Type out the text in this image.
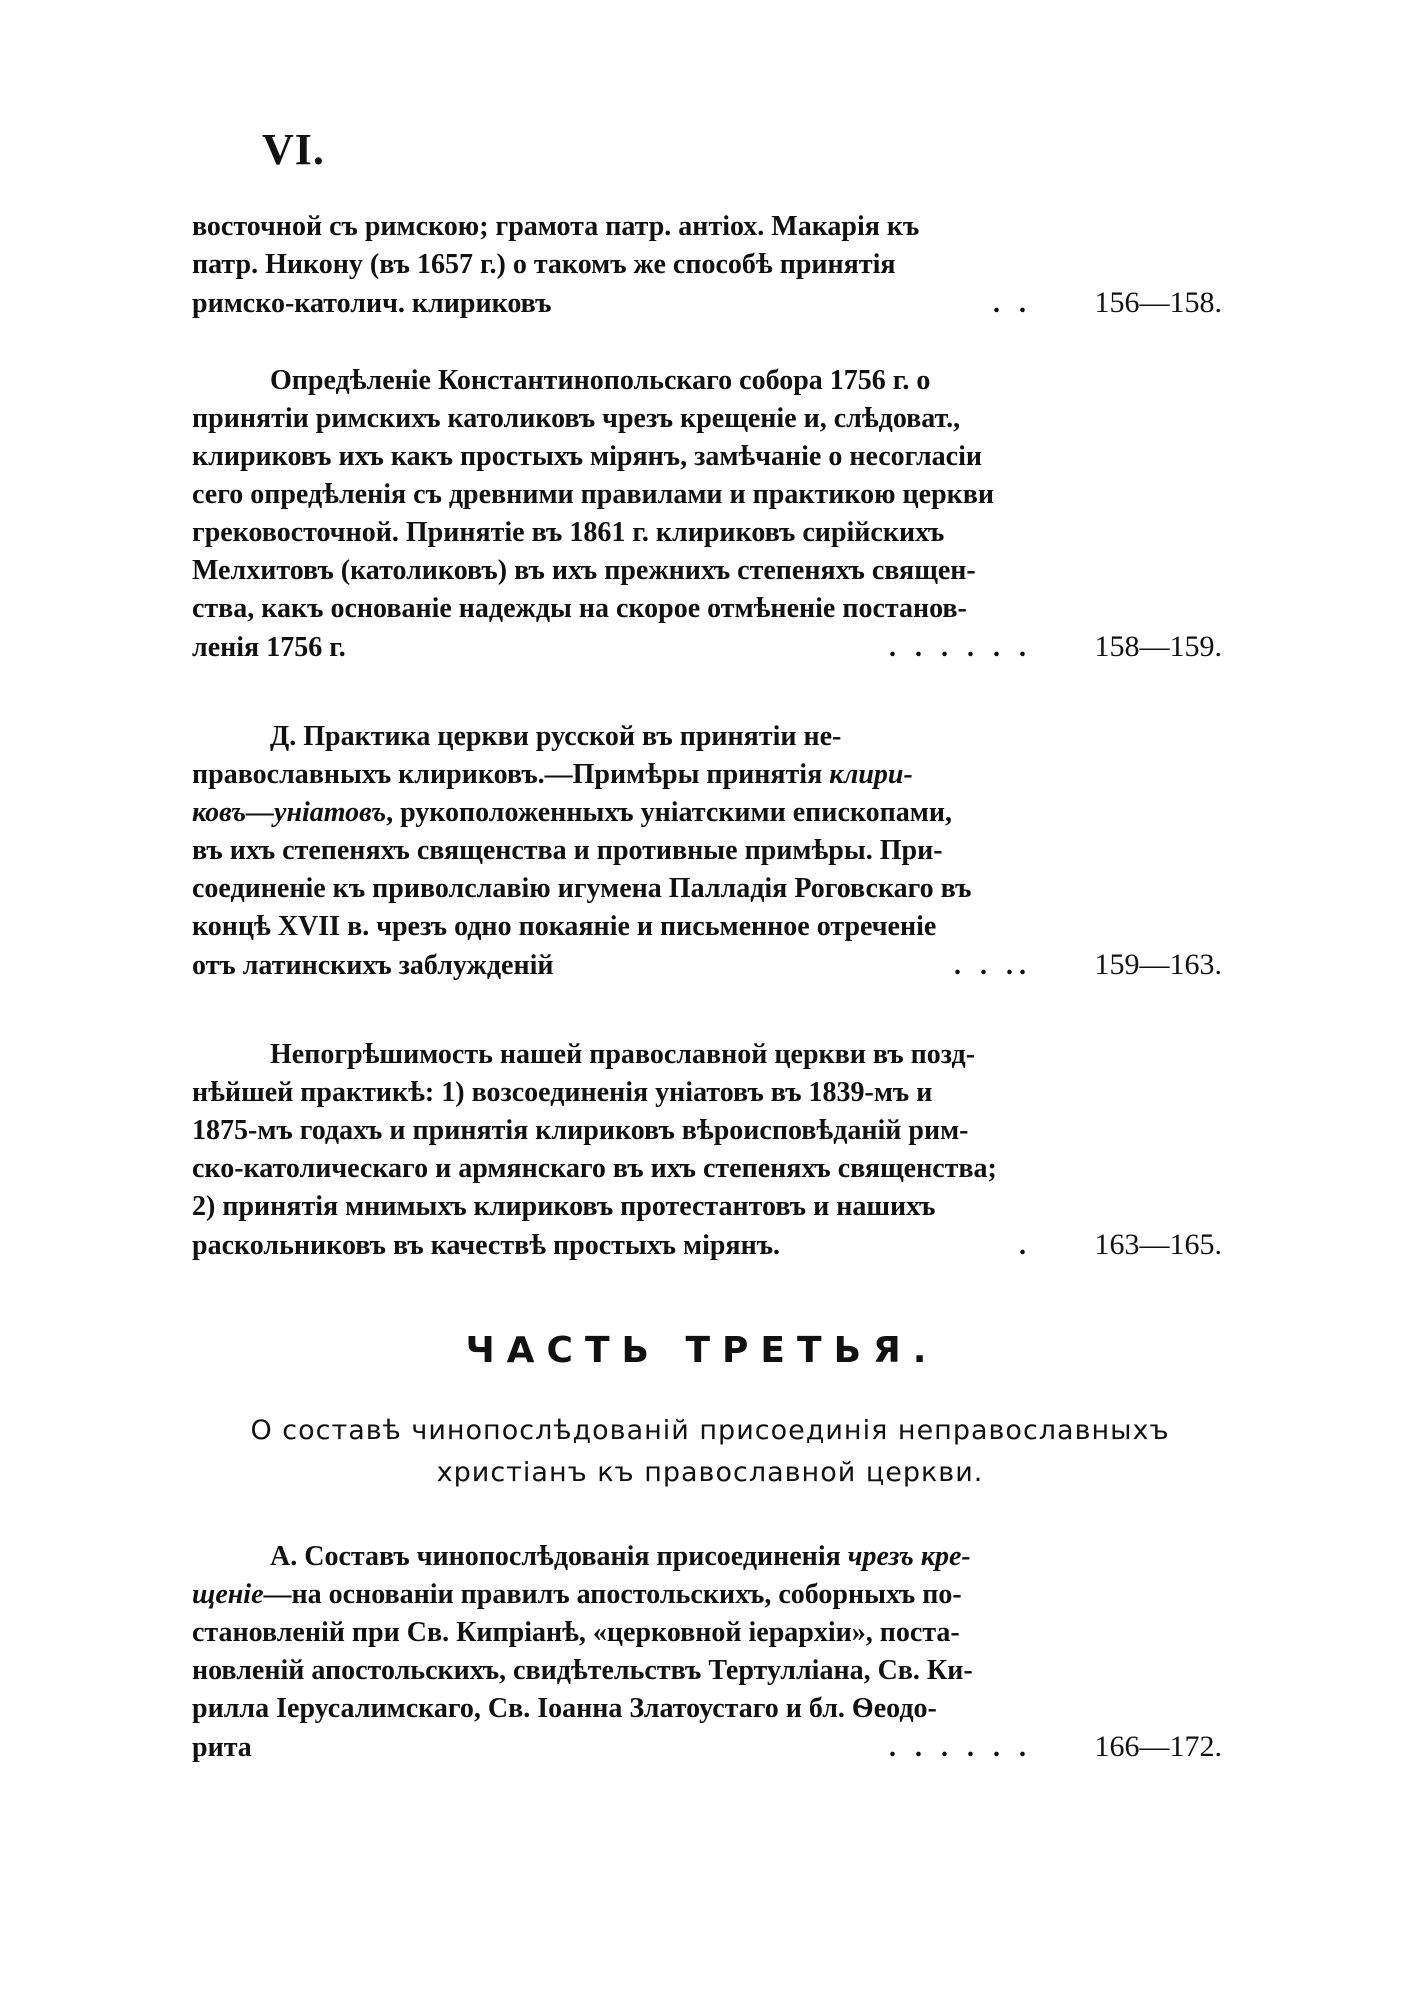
VI.

восточной съ римскою; грамота патр. антіох. Макарія къ

патр. Никону (въ 1657 г.) о такомъ же способѣ принятія

римско-католич. клириковъ	. .	156—158.

Опредѣленіе Константинопольскаго собора 1756 г. о

принятіи римскихъ католиковъ чрезъ крещеніе и, слѣдоват.,

клириковъ ихъ какъ простыхъ мірянъ, замѣчаніе о несогласіи

сего опредѣленія съ древними правилами и практикою церкви

грековосточной. Принятіе въ 1861 г. клириковъ сирійскихъ

Мелхитовъ (католиковъ) въ ихъ прежнихъ степеняхъ священ-

ства, какъ основаніе надежды на скорое отмѣненіе постанов-

ленія 1756 г.	. . . . . .	158—159.

Д. Практика церкви русской въ принятіи не-

православныхъ клириковъ.—Примѣры принятія клири-

ковъ—уніатовъ, рукоположенныхъ уніатскими епископами,

въ ихъ степеняхъ священства и противные примѣры. При-

соединеніе къ приволславію игумена Палладія Роговскаго въ

концѣ XVII в. чрезъ одно покаяніе и письменное отреченіе

отъ латинскихъ заблужденій	. . ..	159—163.

Непогрѣшимость нашей православной церкви въ позд-

нѣйшей практикѣ: 1) возсоединенія уніатовъ въ 1839-мъ и

1875-мъ годахъ и принятія клириковъ вѣроисповѣданій рим-

ско-католическаго и армянскаго въ ихъ степеняхъ священства;

2) принятія мнимыхъ клириковъ протестантовъ и нашихъ

раскольниковъ въ качествѣ простыхъ мірянъ.	.	163—165.
ЧАСТЬ ТРЕТЬЯ.
О составѣ чинопослѣдованій присоединія неправославныхъ
христіанъ къ православной церкви.

А. Составъ чинопослѣдованія присоединенія чрезъ кре-

щеніе—на основаніи правилъ апостольскихъ, соборныхъ по-

становленій при Св. Кипріанѣ, «церковной іерархіи», поста-

новленій апостольскихъ, свидѣтельствъ Тертулліана, Св. Ки-

рилла Іерусалимскаго, Св. Іоанна Златоустаго и бл. Ѳеодо-

рита	. . . . . .	166—172.
